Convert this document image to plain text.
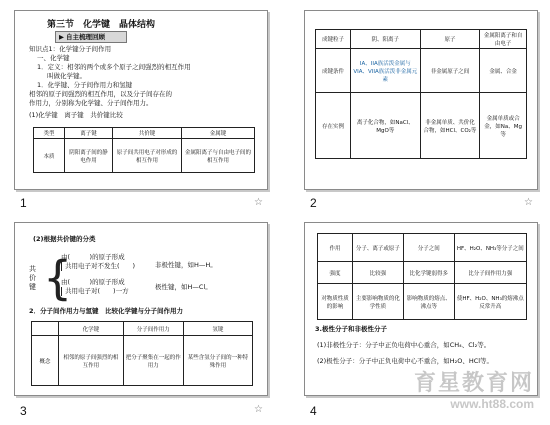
第三节　化学键　晶体结构
▶ 自主梳理回顾
知识点1：化学键分子间作用
一、化学键
1．定义：相邻的两个或多个原子之间强烈的相互作用
叫做化学键。
1．化学键、分子间作用力和氢键
相邻的原子间强烈的相互作用，以及分子间存在的
作用力，分别称为化学键、分子间作用力。
(1)化学键　离子键　共价键比较
类型	离子键	共价键	金属键
本质	阴阳离子间的静电作用	原子间共用电子对形成的相互作用	金属阳离子与自由电子间的相互作用
1	☆
成键粒子	阴、阳离子	原子	金属阳离子和自由电子
成键条件	IA、IIA族活泼金属与VIA、VIIA族活泼非金属元素	非金属原子之间	金属、合金
存在实例	离子化合物，如NaCl、MgO等	非金属单质、共价化合物，如HCl、CO₂等	金属单质或合金，如Na、Mg等
2	☆
(2)根据共价键的分类
共价键 {
由(　　　)的原子形成
共用电子对不发生(　　)
由(　　　)的原子形成
共用电子对(　　)一方
非极性键，如H—H。
极性键，如H—Cl。
2．分子间作用力与氢键　比较化学键与分子间作用力
	化学键	分子间作用力	氢键
概念	相邻的原子间强烈的相互作用	把分子聚集在一起的作用力	某些含氢分子间的一种特殊作用
3	☆
作用	分子、离子或原子	分子之间	HF、H₂O、NH₃等分子之间
强度	比较强	比化学键弱得多	比分子间作用力强
对物质性质的影响	主要影响物质的化学性质	影响物质的熔点、沸点等	使HF、H₂O、NH₃的熔沸点反常升高
3.极性分子和非极性分子
(1)非极性分子：分子中正负电荷中心重合，如CH₄、Cl₂等。
(2)极性分子：分子中正负电荷中心不重合，如H₂O、HCl等。
4
育星教育网
www.ht88.com
